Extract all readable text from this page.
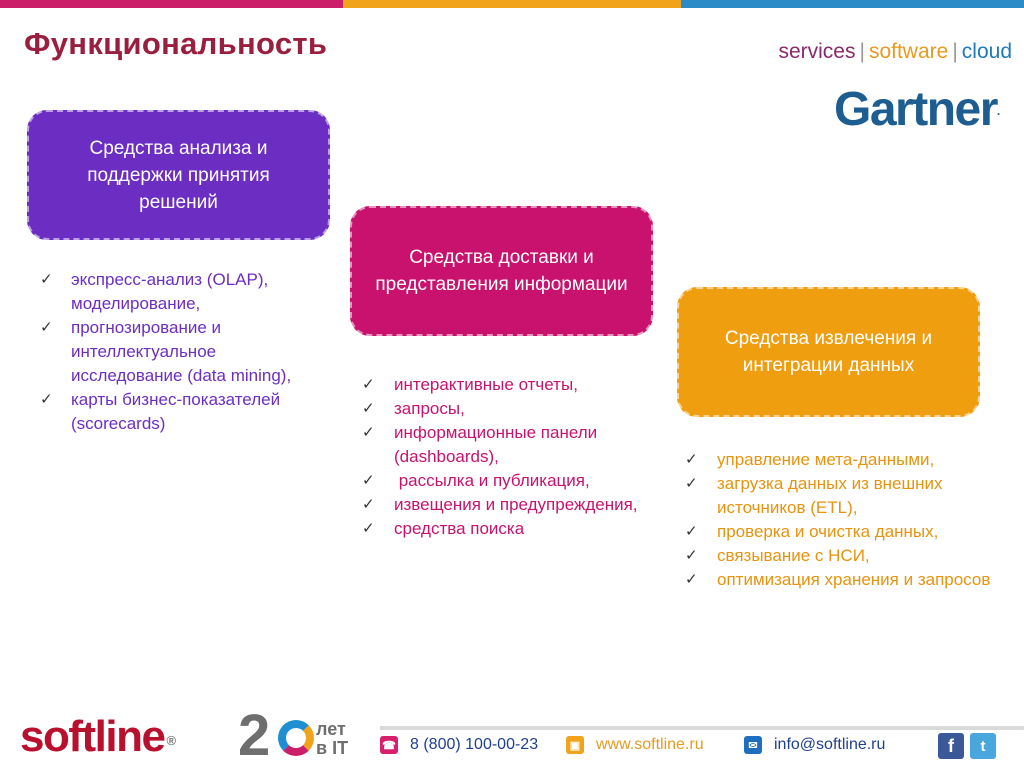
Функциональность	services | software | cloud
Gartner.
Средства анализа и поддержки принятия решений
Средства доставки и представления информации
Средства извлечения и интеграции данных
✓ экспресс-анализ (OLAP), моделирование,
✓ прогнозирование и интеллектуальное исследование (data mining),
✓ карты бизнес-показателей (scorecards)
✓ интерактивные отчеты,
✓ запросы,
✓ информационные панели (dashboards),
✓ рассылка и публикация,
✓ извещения и предупреждения,
✓ средства поиска
✓ управление мета-данными,
✓ загрузка данных из внешних источников (ETL),
✓ проверка и очистка данных,
✓ связывание с НСИ,
✓ оптимизация хранения и запросов
softline ® 2	лет
в IT	☎ 8 (800) 100-00-23	▣ www.softline.ru	✉ info@softline.ru	f	t
